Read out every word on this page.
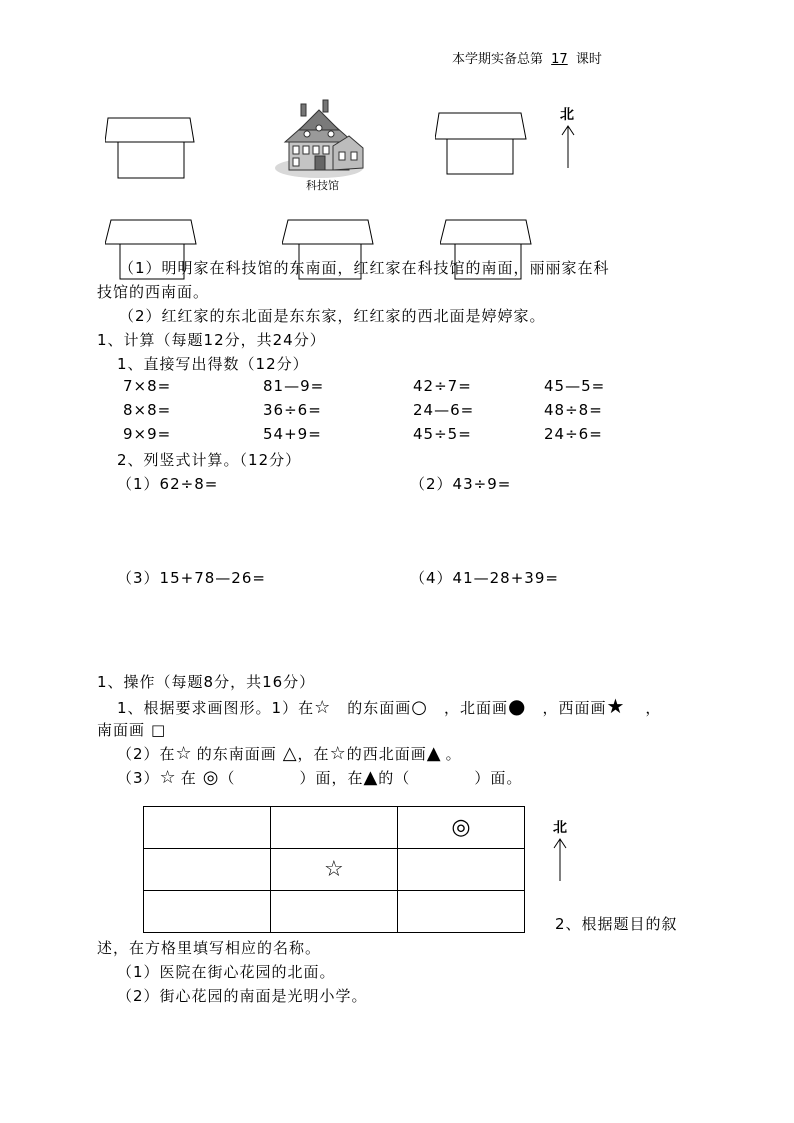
本学期实备总第 17 课时
科技馆
北
（1）明明家在科技馆的东南面，红红家在科技馆的南面，丽丽家在科
技馆的西南面。
（2）红红家的东北面是东东家，红红家的西北面是婷婷家。
1、计算（每题12分，共24分）
1、直接写出得数（12分）
7×8=	81—9=	42÷7=	45—5=
8×8=	36÷6=	24—6=	48÷8=
9×9=	54+9=	45÷5=	24÷6=
2、列竖式计算。（12分）
（1）62÷8=	（2）43÷9=
（3）15+78—26=	（4）41—28+39=
1、操作（每题8分，共16分）
1、根据要求画图形。1）在☆ 的东面画○ ，北面画● ，西面画★ ，
南面画 □
（2）在☆ 的东南面画 △，在☆的西北面画▲ 。
（3）☆ 在 ◎（	）面，在▲的（	）面。
		◎
	☆	

北
2、根据题目的叙
述，在方格里填写相应的名称。
（1）医院在街心花园的北面。
（2）街心花园的南面是光明小学。
